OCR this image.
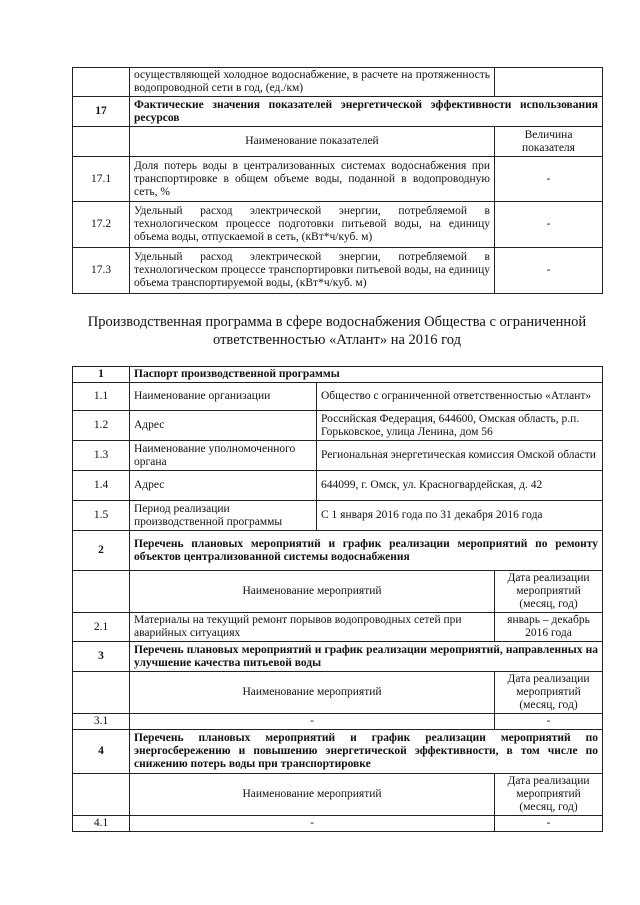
	осуществляющей холодное водоснабжение, в расчете на протяженность водопроводной сети в год, (ед./км)	
17	Фактические значения показателей энергетической эффективности использования ресурсов	
	Наименование показателей	Величина показателя
17.1	Доля потерь воды в централизованных системах водоснабжения при транспортировке в общем объеме воды, поданной в водопроводную сеть, %	-
17.2	Удельный расход электрической энергии, потребляемой в технологическом процессе подготовки питьевой воды, на единицу объема воды, отпускаемой в сеть, (кВт*ч/куб. м)	-
17.3	Удельный расход электрической энергии, потребляемой в технологическом процессе транспортировки питьевой воды, на единицу объема транспортируемой воды, (кВт*ч/куб. м)	-
Производственная программа в сфере водоснабжения Общества с ограниченной ответственностью «Атлант» на 2016 год
1	Паспорт производственной программы		
1.1	Наименование организации	Общество с ограниченной ответственностью «Атлант»	
1.2	Адрес	Российская Федерация, 644600, Омская область, р.п. Горьковское, улица Ленина, дом 56	
1.3	Наименование уполномоченного органа	Региональная энергетическая комиссия Омской области	
1.4	Адрес	644099, г. Омск, ул. Красногвардейская, д. 42	
1.5	Период реализации производственной программы	С 1 января 2016 года по 31 декабря 2016 года	
2	Перечень плановых мероприятий и график реализации мероприятий по ремонту объектов централизованной системы водоснабжения		
	Наименование мероприятий		Дата реализации мероприятий (месяц, год)
2.1	Материалы на текущий ремонт порывов водопроводных сетей при аварийных ситуациях		январь – декабрь 2016 года
3	Перечень плановых мероприятий и график реализации мероприятий, направленных на улучшение качества питьевой воды		
	Наименование мероприятий		Дата реализации мероприятий (месяц, год)
3.1	-		-
4	Перечень плановых мероприятий и график реализации мероприятий по энергосбережению и повышению энергетической эффективности, в том числе по снижению потерь воды при транспортировке		
	Наименование мероприятий		Дата реализации мероприятий (месяц, год)
4.1	-		-
